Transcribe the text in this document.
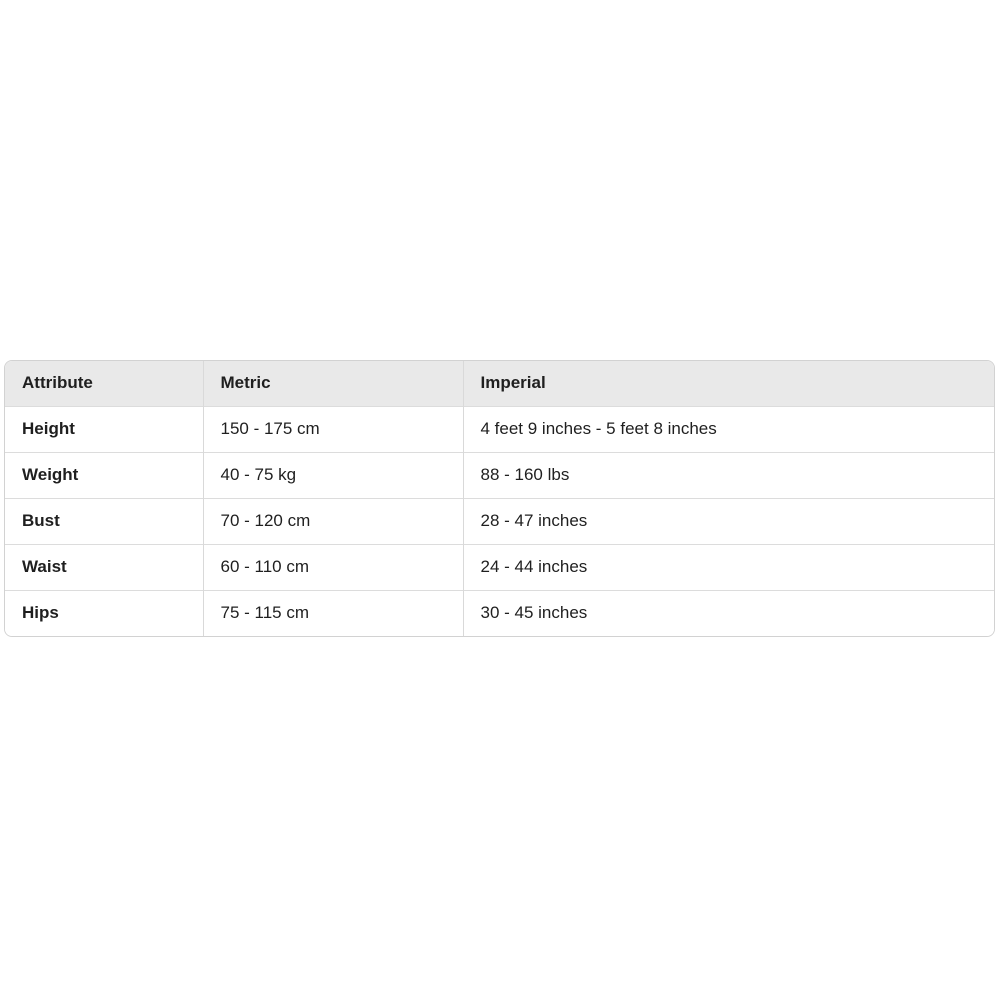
Attribute	Metric	Imperial
Height	150 - 175 cm	4 feet 9 inches - 5 feet 8 inches
Weight	40 - 75 kg	88 - 160 lbs
Bust	70 - 120 cm	28 - 47 inches
Waist	60 - 110 cm	24 - 44 inches
Hips	75 - 115 cm	30 - 45 inches
